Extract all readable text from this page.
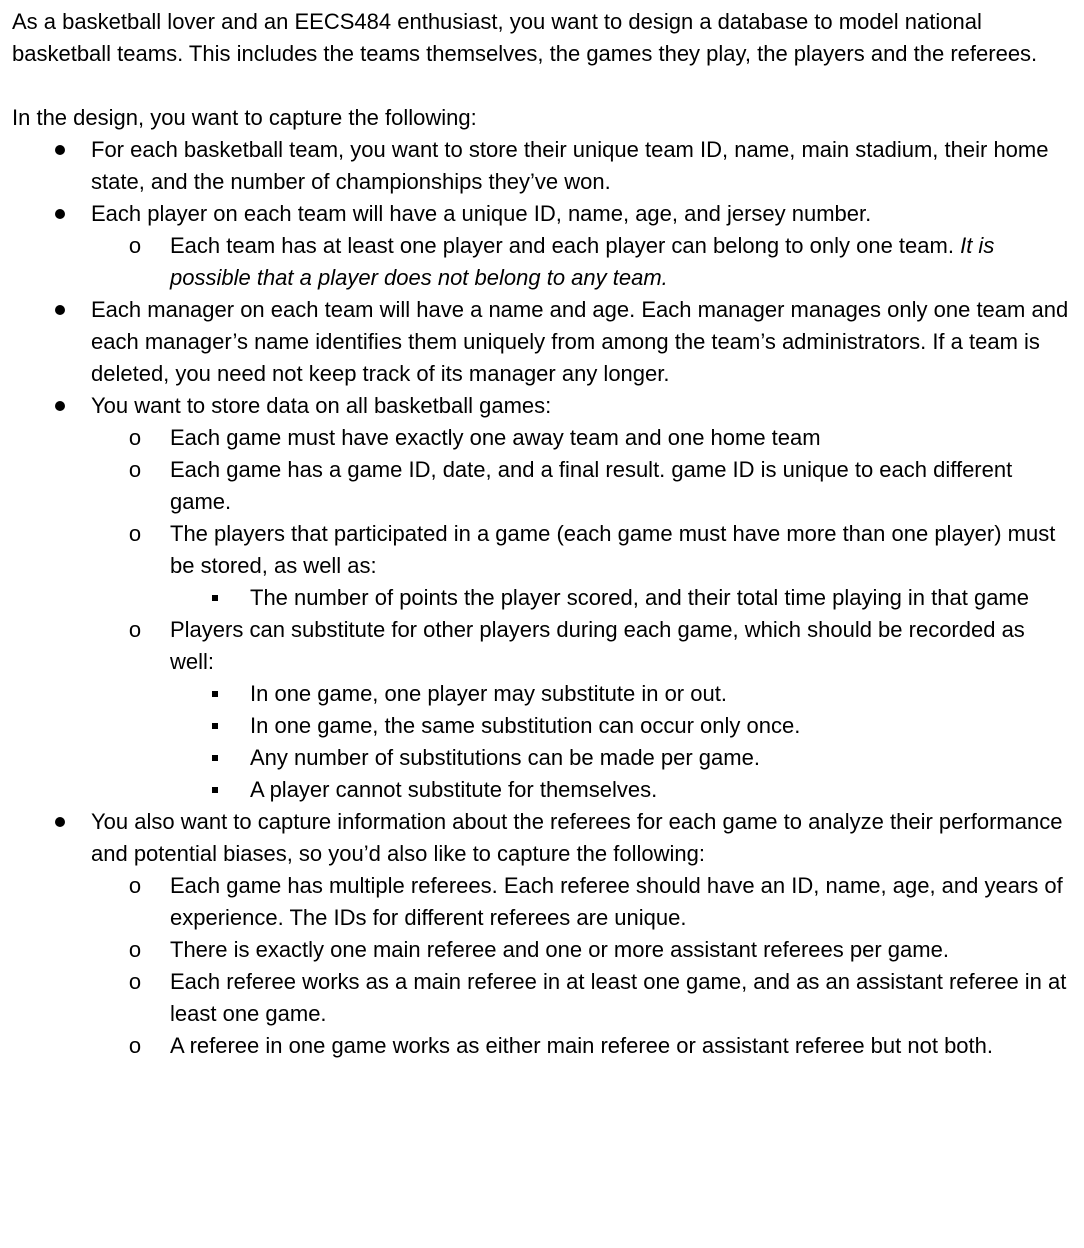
As a basketball lover and an EECS484 enthusiast, you want to design a database to model national basketball teams. This includes the teams themselves, the games they play, the players and the referees.

In the design, you want to capture the following:

For each basketball team, you want to store their unique team ID, name, main stadium, their home state, and the number of championships they’ve won.
Each player on each team will have a unique ID, name, age, and jersey number.
o Each team has at least one player and each player can belong to only one team. It is possible that a player does not belong to any team.
Each manager on each team will have a name and age. Each manager manages only one team and each manager’s name identifies them uniquely from among the team’s administrators. If a team is deleted, you need not keep track of its manager any longer.
You want to store data on all basketball games:
o Each game must have exactly one away team and one home team
o Each game has a game ID, date, and a final result. game ID is unique to each different game.
o The players that participated in a game (each game must have more than one player) must be stored, as well as:
The number of points the player scored, and their total time playing in that game
o Players can substitute for other players during each game, which should be recorded as well:
In one game, one player may substitute in or out.
In one game, the same substitution can occur only once.
Any number of substitutions can be made per game.
A player cannot substitute for themselves.
You also want to capture information about the referees for each game to analyze their performance and potential biases, so you’d also like to capture the following:
o Each game has multiple referees. Each referee should have an ID, name, age, and years of experience. The IDs for different referees are unique.
o There is exactly one main referee and one or more assistant referees per game.
o Each referee works as a main referee in at least one game, and as an assistant referee in at least one game.
o A referee in one game works as either main referee or assistant referee but not both.
